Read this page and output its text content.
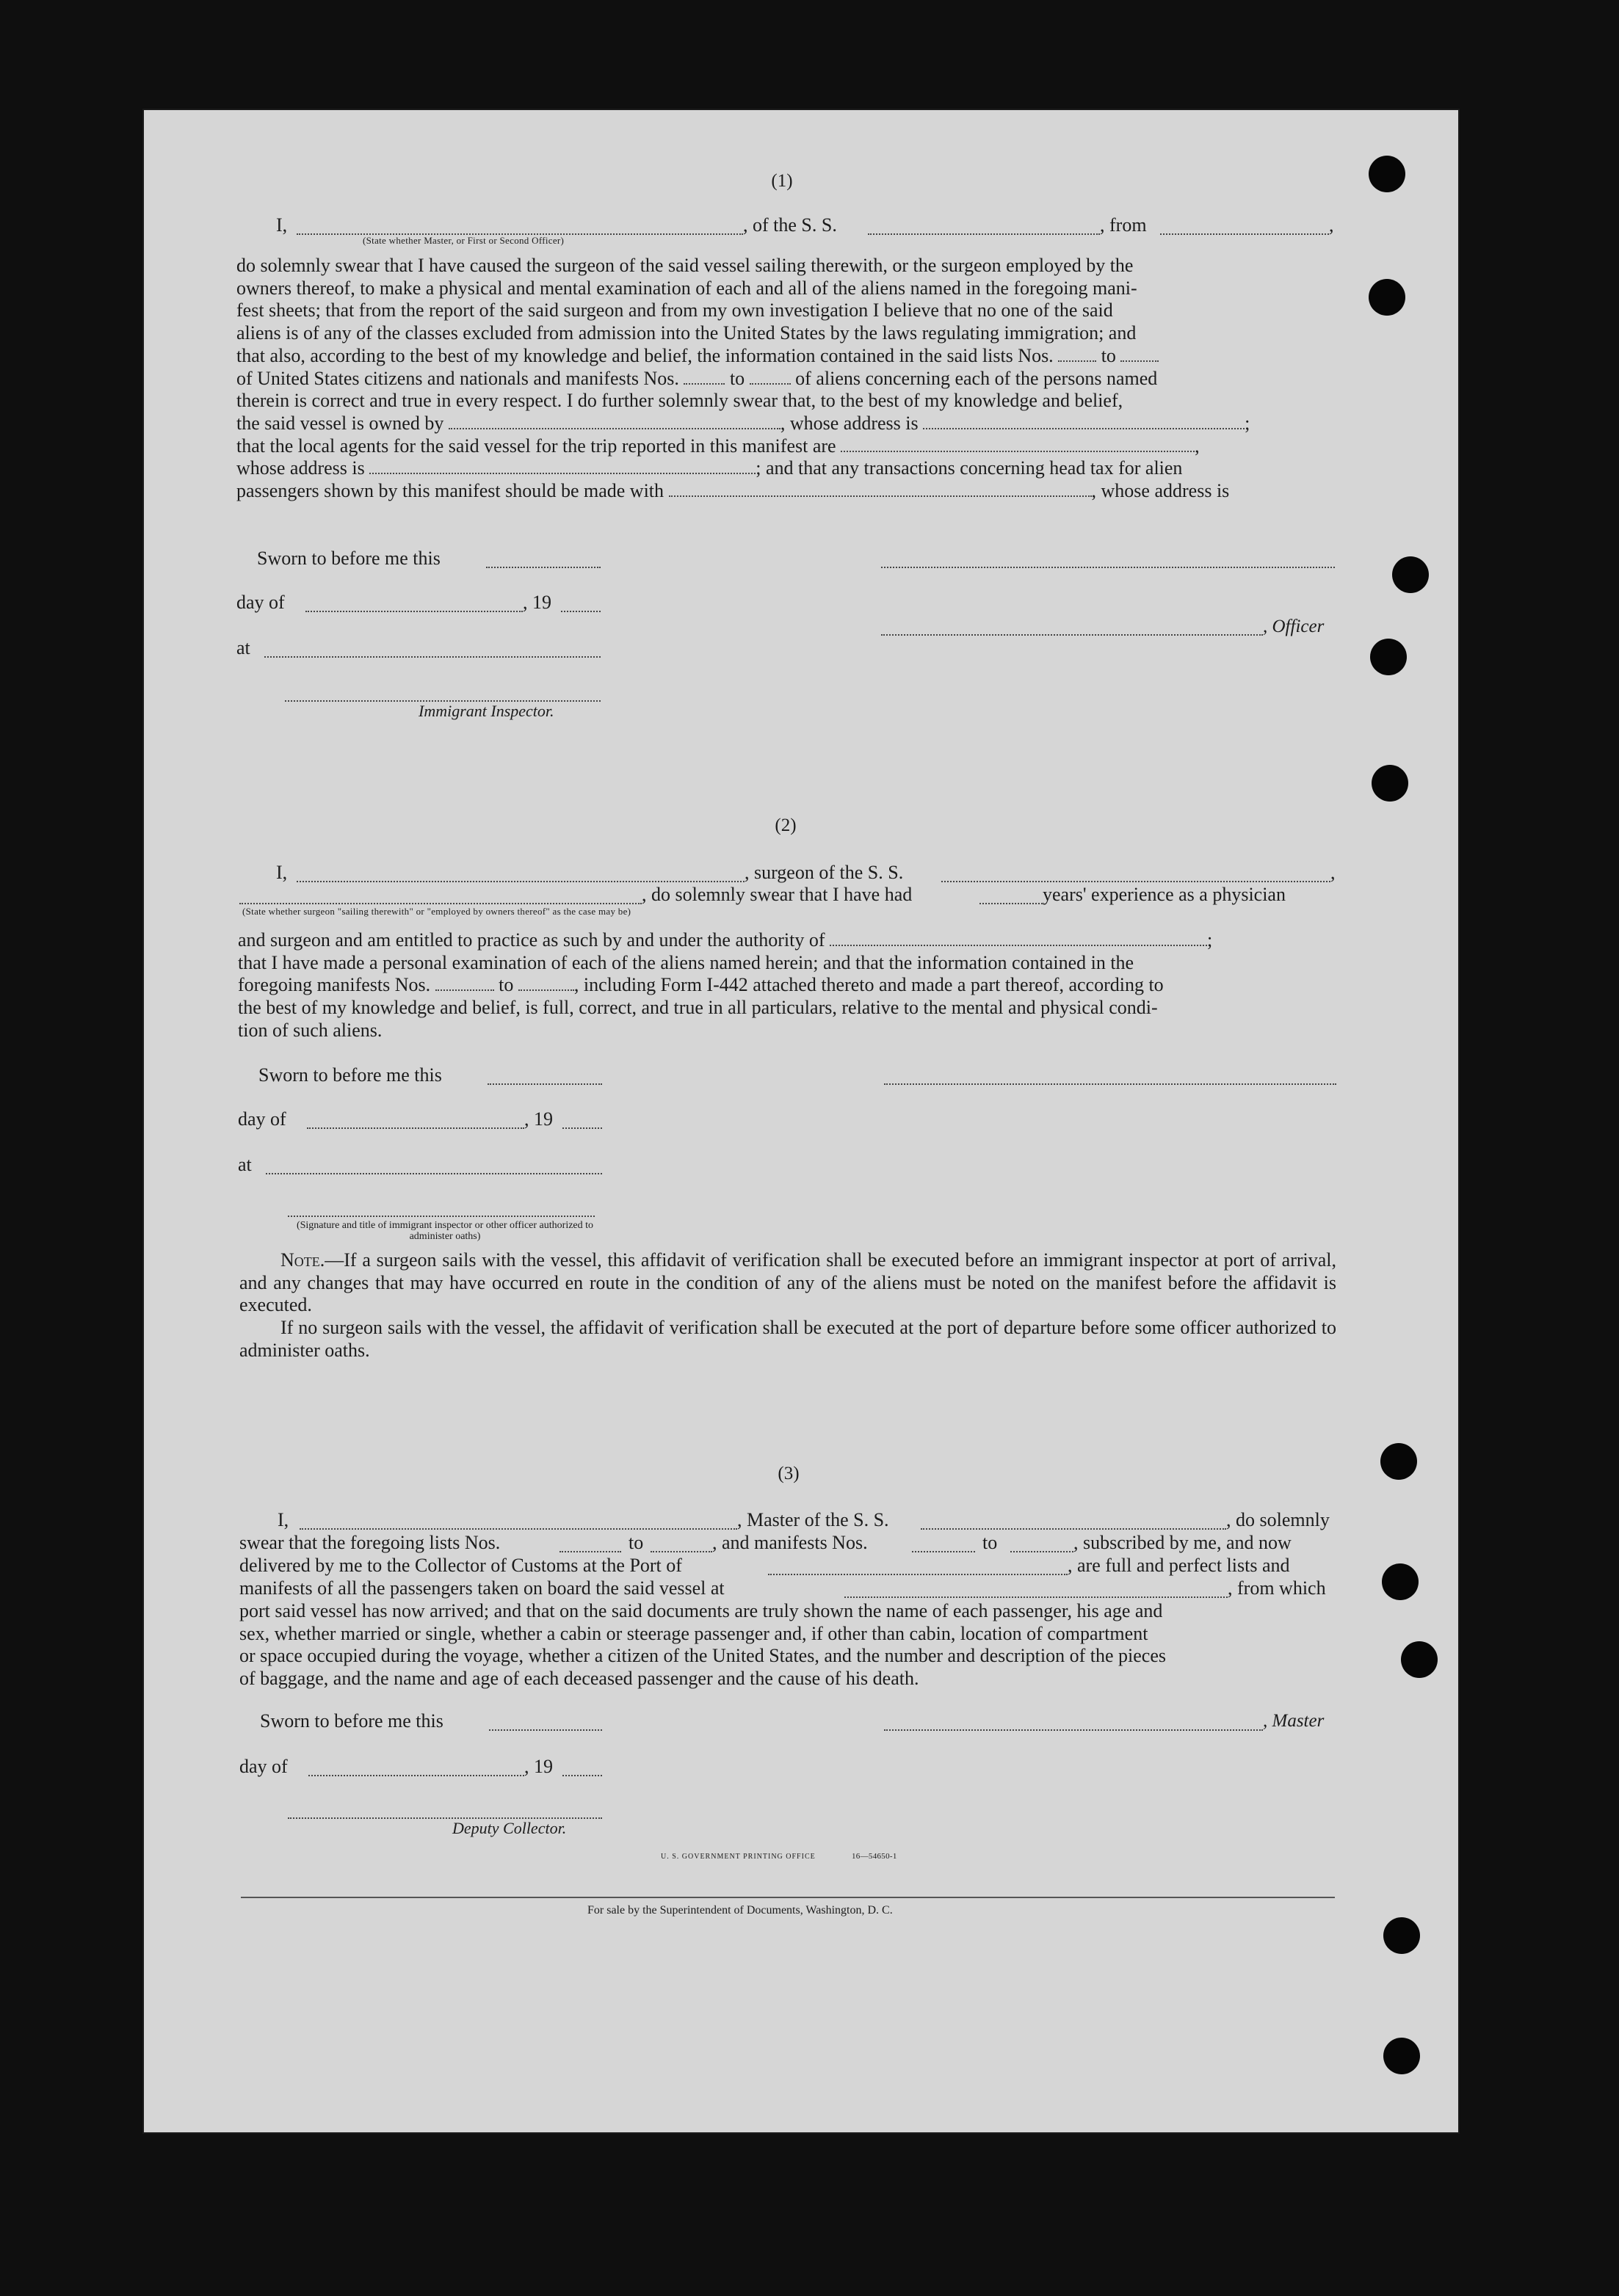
(1)
I,	, of the S. S.	, from	,
(State whether Master, or First or Second Officer)
do solemnly swear that I have caused the surgeon of the said vessel sailing therewith, or the surgeon employed by the
owners thereof, to make a physical and mental examination of each and all of the aliens named in the foregoing mani-
fest sheets; that from the report of the said surgeon and from my own investigation I believe that no one of the said
aliens is of any of the classes excluded from admission into the United States by the laws regulating immigration; and
that also, according to the best of my knowledge and belief, the information contained in the said lists Nos.	to
of United States citizens and nationals and manifests Nos.	to	of aliens concerning each of the persons named
therein is correct and true in every respect. I do further solemnly swear that, to the best of my knowledge and belief,
the said vessel is owned by	, whose address is	;
that the local agents for the said vessel for the trip reported in this manifest are	,
whose address is	; and that any transactions concerning head tax for alien
passengers shown by this manifest should be made with	, whose address is
Sworn to before me this
day of	, 19
, Officer
at
Immigrant Inspector.
(2)
I,	, surgeon of the S. S.	,
, do solemnly swear that I have had	years' experience as a physician
(State whether surgeon "sailing therewith" or "employed by owners thereof" as the case may be)
and surgeon and am entitled to practice as such by and under the authority of	;
that I have made a personal examination of each of the aliens named herein; and that the information contained in the
foregoing manifests Nos.	to	, including Form I-442 attached thereto and made a part thereof, according to
the best of my knowledge and belief, is full, correct, and true in all particulars, relative to the mental and physical condi-
tion of such aliens.
Sworn to before me this
day of	, 19
at
(Signature and title of immigrant inspector or other officer authorized to administer oaths)
Note.—If a surgeon sails with the vessel, this affidavit of verification shall be executed before an immigrant inspector at port of arrival, and any changes that may have occurred en route in the condition of any of the aliens must be noted on the manifest before the affidavit is executed.
If no surgeon sails with the vessel, the affidavit of verification shall be executed at the port of departure before some officer authorized to administer oaths.
(3)
I,	, Master of the S. S.	, do solemnly
swear that the foregoing lists Nos.	to	, and manifests Nos.	to	, subscribed by me, and now
delivered by me to the Collector of Customs at the Port of	, are full and perfect lists and
manifests of all the passengers taken on board the said vessel at	, from which
port said vessel has now arrived; and that on the said documents are truly shown the name of each passenger, his age and
sex, whether married or single, whether a cabin or steerage passenger and, if other than cabin, location of compartment
or space occupied during the voyage, whether a citizen of the United States, and the number and description of the pieces
of baggage, and the name and age of each deceased passenger and the cause of his death.
Sworn to before me this	, Master
day of	, 19
Deputy Collector.
U. S. GOVERNMENT PRINTING OFFICE	16—54650-1
For sale by the Superintendent of Documents, Washington, D. C.
